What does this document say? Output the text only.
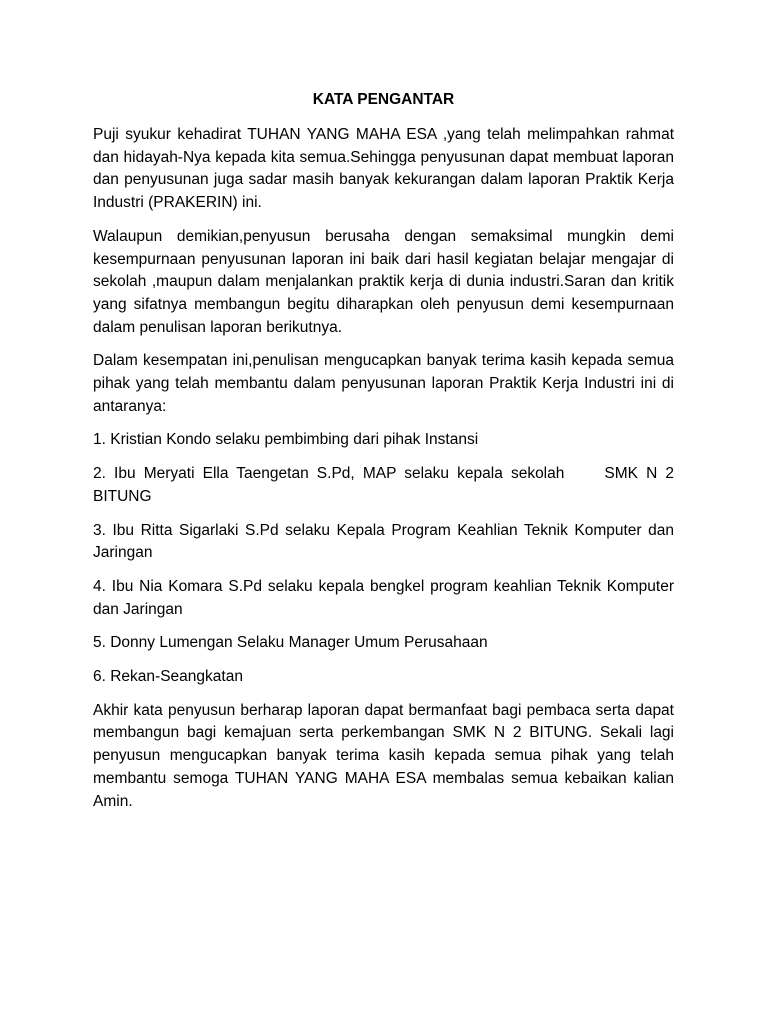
KATA PENGANTAR
Puji syukur kehadirat TUHAN YANG MAHA ESA ,yang telah melimpahkan rahmat dan hidayah-Nya kepada kita semua.Sehingga penyusunan dapat membuat laporan dan penyusunan juga sadar masih banyak kekurangan dalam laporan Praktik Kerja Industri (PRAKERIN) ini.
Walaupun demikian,penyusun berusaha dengan semaksimal mungkin demi kesempurnaan penyusunan laporan ini baik dari hasil kegiatan belajar mengajar di sekolah ,maupun dalam menjalankan praktik kerja di dunia industri.Saran dan kritik yang sifatnya membangun begitu diharapkan oleh penyusun demi kesempurnaan dalam penulisan laporan berikutnya.
Dalam kesempatan ini,penulisan mengucapkan banyak terima kasih kepada semua pihak yang telah membantu dalam penyusunan laporan Praktik Kerja Industri ini di antaranya:
1. Kristian Kondo selaku pembimbing dari pihak Instansi
2. Ibu Meryati Ella Taengetan S.Pd, MAP selaku kepala sekolah	SMK N 2 BITUNG
3. Ibu Ritta Sigarlaki S.Pd selaku Kepala Program Keahlian Teknik Komputer dan Jaringan
4. Ibu Nia Komara S.Pd selaku kepala bengkel program keahlian Teknik Komputer dan Jaringan
5. Donny Lumengan Selaku Manager Umum Perusahaan
6. Rekan-Seangkatan
Akhir kata penyusun berharap laporan dapat bermanfaat bagi pembaca serta dapat membangun bagi kemajuan serta perkembangan SMK N 2 BITUNG. Sekali lagi penyusun mengucapkan banyak terima kasih kepada semua pihak yang telah membantu semoga TUHAN YANG MAHA ESA membalas semua kebaikan kalian Amin.
